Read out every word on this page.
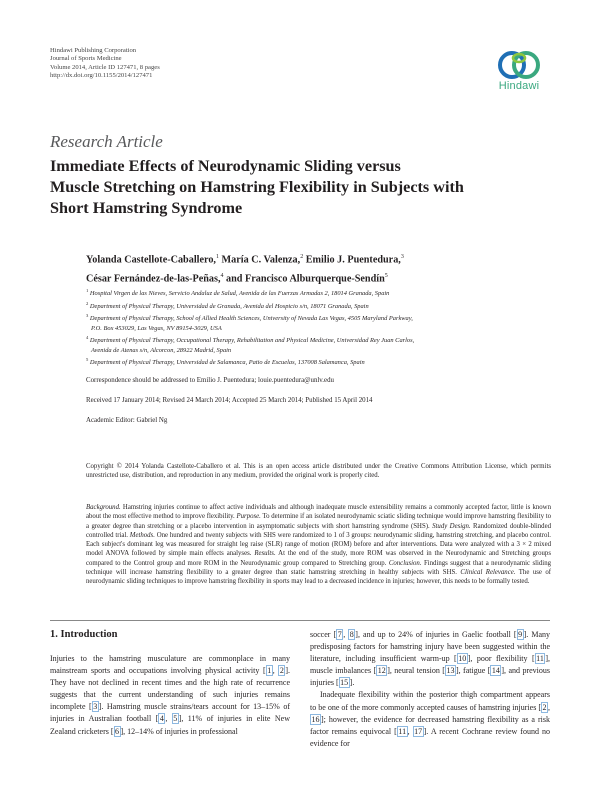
Hindawi Publishing Corporation
Journal of Sports Medicine
Volume 2014, Article ID 127471, 8 pages
http://dx.doi.org/10.1155/2014/127471
Hindawi
Research Article
Immediate Effects of Neurodynamic Sliding versus
Muscle Stretching on Hamstring Flexibility in Subjects with
Short Hamstring Syndrome
Yolanda Castellote-Caballero,$^1$ María C. Valenza,$^2$ Emilio J. Puentedura,$^3$
César Fernández-de-las-Peñas,$^4$ and Francisco Alburquerque-Sendín$^5$
$^1$ Hospital Virgen de las Nieves, Servicio Andaluz de Salud, Avenida de las Fuerzas Armadas 2, 18014 Granada, Spain
$^2$ Department of Physical Therapy, Universidad de Granada, Avenida del Hospicio s/n, 18071 Granada, Spain
$^3$ Department of Physical Therapy, School of Allied Health Sciences, University of Nevada Las Vegas, 4505 Maryland Parkway,
P.O. Box 453029, Las Vegas, NV 89154-3029, USA
$^4$ Department of Physical Therapy, Occupational Therapy, Rehabilitation and Physical Medicine, Universidad Rey Juan Carlos,
Avenida de Atenas s/n, Alcorcon, 28922 Madrid, Spain
$^5$ Department of Physical Therapy, Universidad de Salamanca, Patio de Escuelas, 137008 Salamanca, Spain
Correspondence should be addressed to Emilio J. Puentedura; louie.puentedura@unlv.edu
Received 17 January 2014; Revised 24 March 2014; Accepted 25 March 2014; Published 15 April 2014
Academic Editor: Gabriel Ng
Copyright © 2014 Yolanda Castellote-Caballero et al. This is an open access article distributed under the Creative Commons Attribution License, which permits unrestricted use, distribution, and reproduction in any medium, provided the original work is properly cited.
Background. Hamstring injuries continue to affect active individuals and although inadequate muscle extensibility remains a commonly accepted factor, little is known about the most effective method to improve flexibility. Purpose. To determine if an isolated neurodynamic sciatic sliding technique would improve hamstring flexibility to a greater degree than stretching or a placebo intervention in asymptomatic subjects with short hamstring syndrome (SHS). Study Design. Randomized double-blinded controlled trial. Methods. One hundred and twenty subjects with SHS were randomized to 1 of 3 groups: neurodynamic sliding, hamstring stretching, and placebo control. Each subject's dominant leg was measured for straight leg raise (SLR) range of motion (ROM) before and after interventions. Data were analyzed with a 3 × 2 mixed model ANOVA followed by simple main effects analyses. Results. At the end of the study, more ROM was observed in the Neurodynamic and Stretching groups compared to the Control group and more ROM in the Neurodynamic group compared to Stretching group. Conclusion. Findings suggest that a neurodynamic sliding technique will increase hamstring flexibility to a greater degree than static hamstring stretching in healthy subjects with SHS. Clinical Relevance. The use of neurodynamic sliding techniques to improve hamstring flexibility in sports may lead to a decreased incidence in injuries; however, this needs to be formally tested.
1. Introduction

Injuries to the hamstring musculature are commonplace in many mainstream sports and occupations involving physical activity [ 1 , 2 ]. They have not declined in recent times and the high rate of recurrence suggests that the current understanding of such injuries remains incomplete [ 3 ]. Hamstring muscle strains/tears account for 13–15% of injuries in Australian football [ 4 , 5 ], 11% of injuries in elite New Zealand cricketers [ 6 ], 12–14% of injuries in professional

soccer [ 7 , 8 ], and up to 24% of injuries in Gaelic football [ 9 ]. Many predisposing factors for hamstring injury have been suggested within the literature, including insufficient warm-up [ 10 ], poor flexibility [ 11 ], muscle imbalances [ 12 ], neural tension [ 13 ], fatigue [ 14 ], and previous injuries [ 15 ].

Inadequate flexibility within the posterior thigh compartment appears to be one of the more commonly accepted causes of hamstring injuries [ 2 , 16 ]; however, the evidence for decreased hamstring flexibility as a risk factor remains equivocal [ 11 , 17 ]. A recent Cochrane review found no evidence for
